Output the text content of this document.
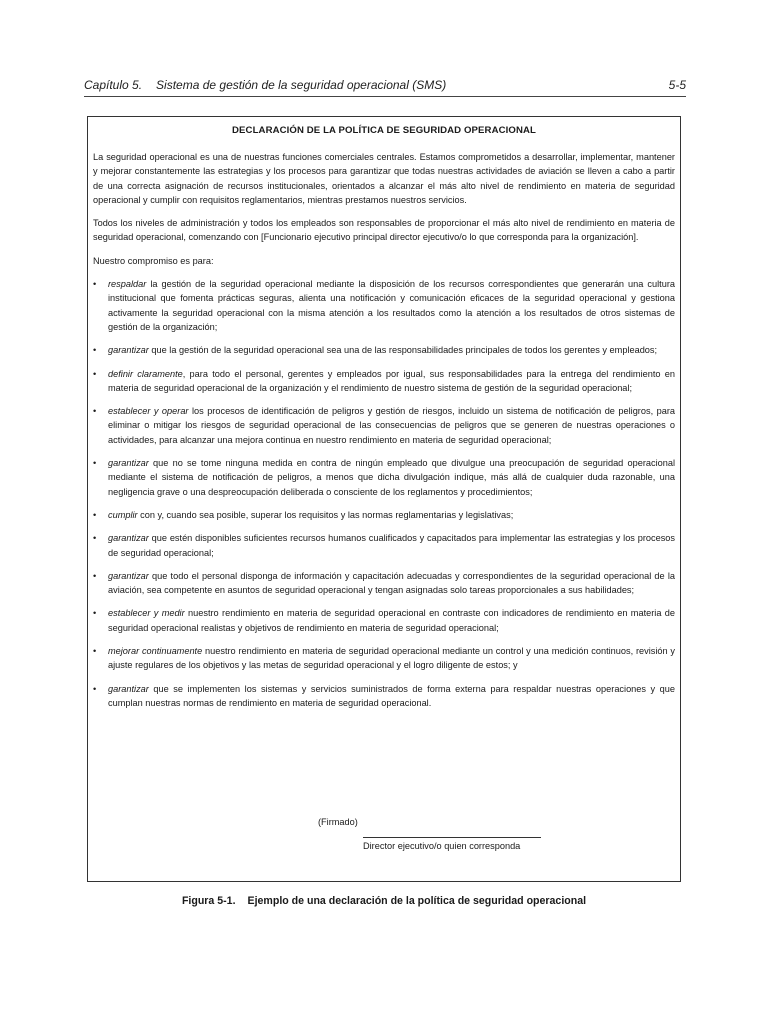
Capítulo 5. Sistema de gestión de la seguridad operacional (SMS)	5-5
DECLARACIÓN DE LA POLÍTICA DE SEGURIDAD OPERACIONAL

La seguridad operacional es una de nuestras funciones comerciales centrales. Estamos comprometidos a desarrollar, implementar, mantener y mejorar constantemente las estrategias y los procesos para garantizar que todas nuestras actividades de aviación se lleven a cabo a partir de una correcta asignación de recursos institucionales, orientados a alcanzar el más alto nivel de rendimiento en materia de seguridad operacional y cumplir con requisitos reglamentarios, mientras prestamos nuestros servicios.

Todos los niveles de administración y todos los empleados son responsables de proporcionar el más alto nivel de rendimiento en materia de seguridad operacional, comenzando con [Funcionario ejecutivo principal director ejecutivo/o lo que corresponda para la organización].

Nuestro compromiso es para:

• respaldar la gestión de la seguridad operacional mediante la disposición de los recursos correspondientes que generarán una cultura institucional que fomenta prácticas seguras, alienta una notificación y comunicación eficaces de la seguridad operacional y gestiona activamente la seguridad operacional con la misma atención a los resultados como la atención a los resultados de otros sistemas de gestión de la organización;
• garantizar que la gestión de la seguridad operacional sea una de las responsabilidades principales de todos los gerentes y empleados;
• definir claramente, para todo el personal, gerentes y empleados por igual, sus responsabilidades para la entrega del rendimiento en materia de seguridad operacional de la organización y el rendimiento de nuestro sistema de gestión de la seguridad operacional;
• establecer y operar los procesos de identificación de peligros y gestión de riesgos, incluido un sistema de notificación de peligros, para eliminar o mitigar los riesgos de seguridad operacional de las consecuencias de peligros que se generen de nuestras operaciones o actividades, para alcanzar una mejora continua en nuestro rendimiento en materia de seguridad operacional;
• garantizar que no se tome ninguna medida en contra de ningún empleado que divulgue una preocupación de seguridad operacional mediante el sistema de notificación de peligros, a menos que dicha divulgación indique, más allá de cualquier duda razonable, una negligencia grave o una despreocupación deliberada o consciente de los reglamentos y procedimientos;
• cumplir con y, cuando sea posible, superar los requisitos y las normas reglamentarias y legislativas;
• garantizar que estén disponibles suficientes recursos humanos cualificados y capacitados para implementar las estrategias y los procesos de seguridad operacional;
• garantizar que todo el personal disponga de información y capacitación adecuadas y correspondientes de la seguridad operacional de la aviación, sea competente en asuntos de seguridad operacional y tengan asignadas solo tareas proporcionales a sus habilidades;
• establecer y medir nuestro rendimiento en materia de seguridad operacional en contraste con indicadores de rendimiento en materia de seguridad operacional realistas y objetivos de rendimiento en materia de seguridad operacional;
• mejorar continuamente nuestro rendimiento en materia de seguridad operacional mediante un control y una medición continuos, revisión y ajuste regulares de los objetivos y las metas de seguridad operacional y el logro diligente de estos; y
• garantizar que se implementen los sistemas y servicios suministrados de forma externa para respaldar nuestras operaciones y que cumplan nuestras normas de rendimiento en materia de seguridad operacional.
(Firmado)
Director ejecutivo/o quien corresponda
Figura 5-1. Ejemplo de una declaración de la política de seguridad operacional
